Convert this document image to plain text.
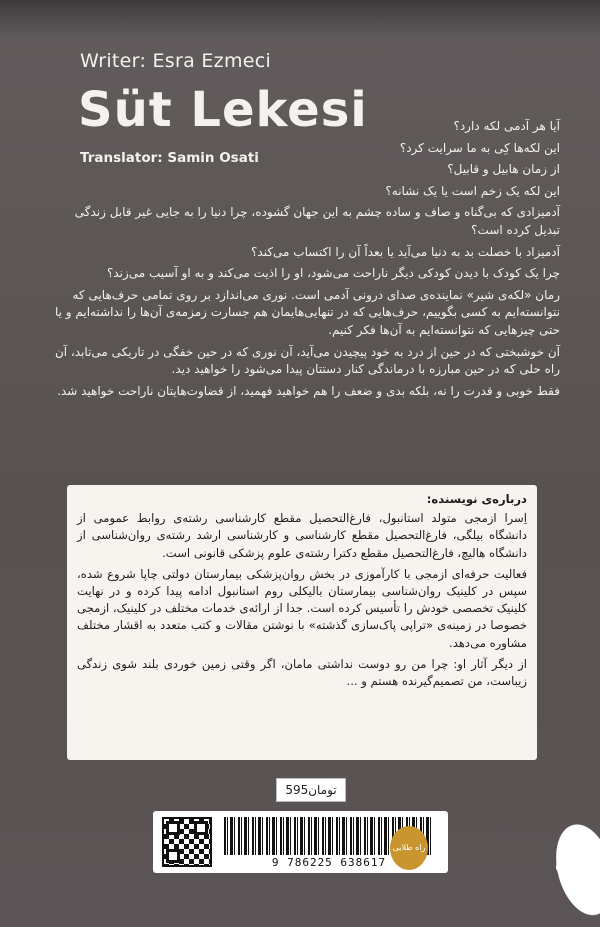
Writer: Esra Ezmeci
Süt Lekesi
Translator: Samin Osati

آیا هر آدمی لکه دارد؟

این لکه‌ها کِی به ما سرایت کرد؟

از زمان هابیل و قابیل؟

این لکه یک زخم است یا یک نشانه؟

آدمیزادی که بی‌گناه و صاف و ساده چشم به این جهان گشوده، چرا دنیا را به جایی غیر قابل زندگی تبدیل کرده است؟

آدمیزاد با خصلت بد به دنیا می‌آید یا بعداً آن را اکتساب می‌کند؟

چرا یک کودک با دیدن کودکی دیگر ناراحت می‌شود، او را اذیت می‌کند و به او آسیب می‌زند؟

رمان «لکه‌ی شیر» نماینده‌ی صدای درونی آدمی است. نوری می‌اندازد بر روی تمامی حرف‌هایی که نتوانسته‌ایم به کسی بگوییم، حرف‌هایی که در تنهایی‌هایمان هم جسارت زمزمه‌ی آن‌ها را نداشته‌ایم و یا حتی چیزهایی که نتوانسته‌ایم به آن‌ها فکر کنیم.

آن خوشبختی که در حین از درد به خود پیچیدن می‌آید، آن نوری که در حین خفگی در تاریکی می‌تابد، آن راه حلی که در حین مبارزه با درماندگی کنار دستتان پیدا می‌شود را خواهید دید.

فقط خوبی و قدرت را نه، بلکه بدی و ضعف را هم خواهید فهمید، از قضاوت‌هایتان ناراحت خواهید شد.

درباره‌ی نویسنده:

اِسرا ازمجی متولد استانبول، فارغ‌التحصیل مقطع کارشناسی رشته‌ی روابط عمومی از دانشگاه بیلگی، فارغ‌التحصیل مقطع کارشناسی و کارشناسی ارشد رشته‌ی روان‌شناسی از دانشگاه هالیچ، فارغ‌التحصیل مقطع دکترا رشته‌ی علوم پزشکی قانونی است.

فعالیت حرفه‌ای ازمجی با کارآموزی در بخش روان‌پزشکی بیمارستان دولتی چاپا شروع شده، سپس در کلینیک روان‌شناسی بیمارستان بالیکلی روم استانبول ادامه پیدا کرده و در نهایت کلینیک تخصصی خودش را تأسیس کرده است. جدا از ارائه‌ی خدمات مختلف در کلینیک، ازمجی خصوصا در زمینه‌ی «تراپی پاک‌سازی گذشته» با نوشتن مقالات و کتب متعدد به اقشار مختلف مشاوره می‌دهد.

از دیگر آثار او: چرا من رو دوست نداشتی مامان، اگر وقتی زمین خوردی بلند شوی زندگی زیباست، من تصمیم‌گیرنده هستم و ...

595تومان
9 786225 638617
راه طلایی
